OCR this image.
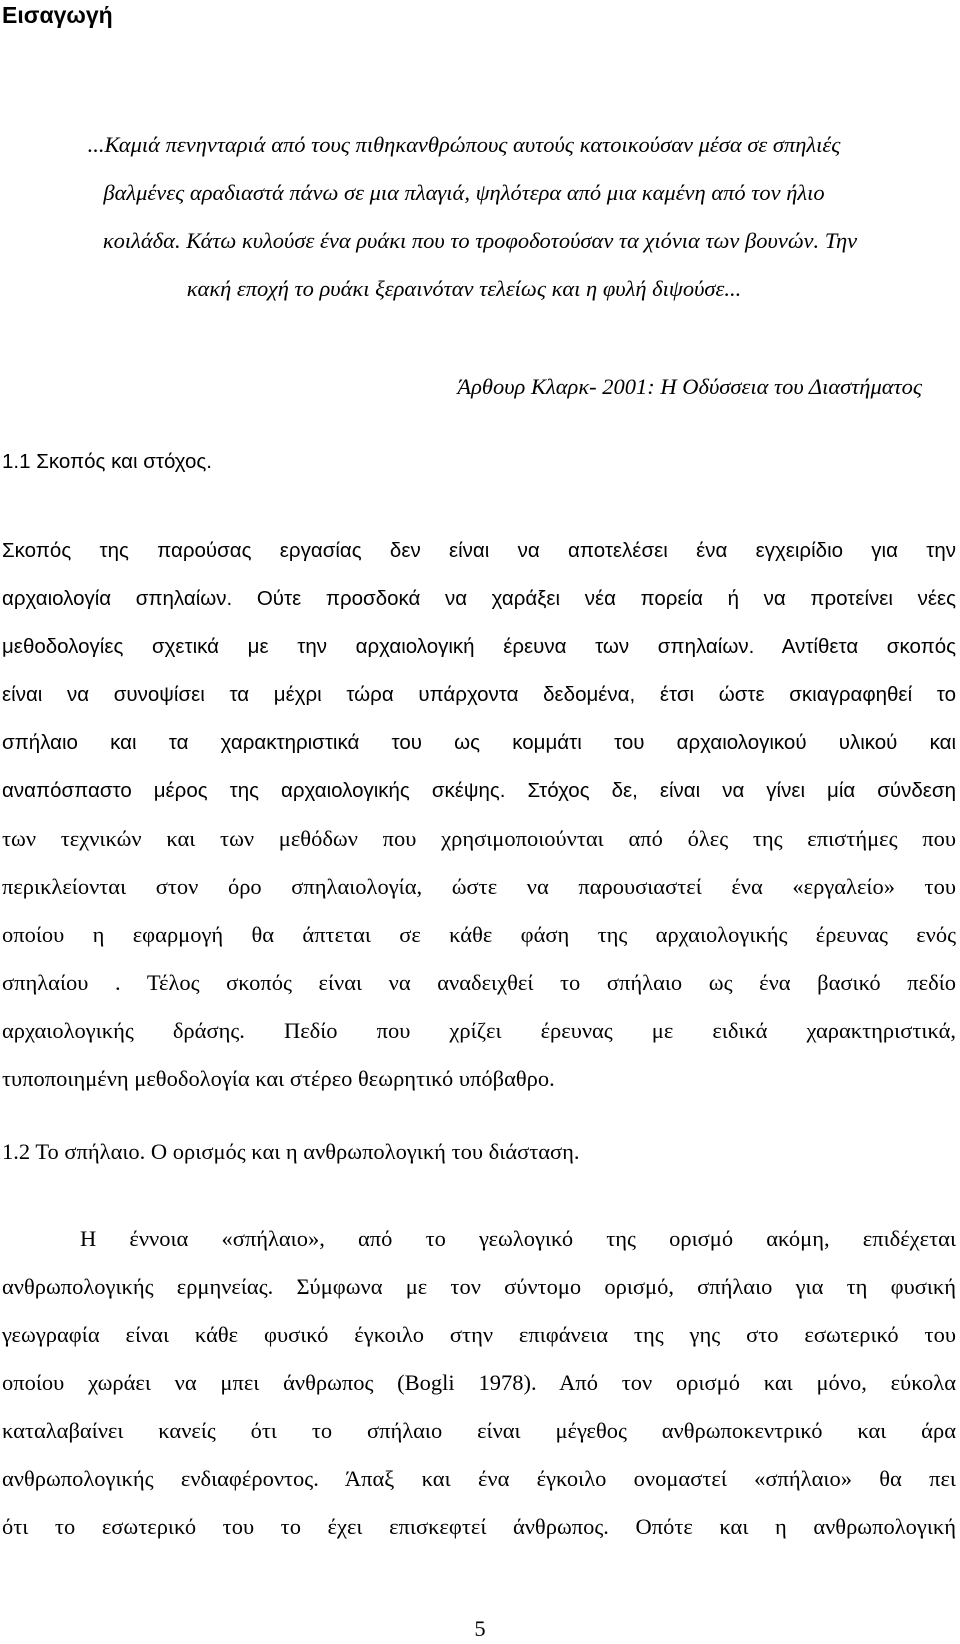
Εισαγωγή

...Καμιά πενηνταριά από τους πιθηκανθρώπους αυτούς κατοικούσαν μέσα σε σπηλιές

βαλμένες αραδιαστά πάνω σε μια πλαγιά, ψηλότερα από μια καμένη από τον ήλιο

κοιλάδα. Κάτω κυλούσε ένα ρυάκι που το τροφοδοτούσαν τα χιόνια των βουνών. Την

κακή εποχή το ρυάκι ξεραινόταν τελείως και η φυλή διψούσε...

Άρθουρ Κλαρκ- 2001: Η Οδύσσεια του Διαστήματος

1.1 Σκοπός και στόχος.

Σκοπός της παρούσας εργασίας δεν είναι να αποτελέσει ένα εγχειρίδιο για την

αρχαιολογία σπηλαίων. Ούτε προσδοκά να χαράξει νέα πορεία ή να προτείνει νέες

μεθοδολογίες σχετικά με την αρχαιολογική έρευνα των σπηλαίων. Αντίθετα σκοπός

είναι να συνοψίσει τα μέχρι τώρα υπάρχοντα δεδομένα, έτσι ώστε σκιαγραφηθεί το

σπήλαιο και τα χαρακτηριστικά του ως κομμάτι του αρχαιολογικού υλικού και

αναπόσπαστο μέρος της αρχαιολογικής σκέψης. Στόχος δε, είναι να γίνει μία σύνδεση

των τεχνικών και των μεθόδων που χρησιμοποιούνται από όλες της επιστήμες που

περικλείονται στον όρο σπηλαιολογία, ώστε να παρουσιαστεί ένα «εργαλείο» του

οποίου η εφαρμογή θα άπτεται σε κάθε φάση της αρχαιολογικής έρευνας ενός

σπηλαίου . Τέλος σκοπός είναι να αναδειχθεί το σπήλαιο ως ένα βασικό πεδίο

αρχαιολογικής δράσης. Πεδίο που χρίζει έρευνας με ειδικά χαρακτηριστικά,

τυποποιημένη μεθοδολογία και στέρεο θεωρητικό υπόβαθρο.

1.2 Το σπήλαιο. Ο ορισμός και η ανθρωπολογική του διάσταση.

Η έννοια «σπήλαιο», από το γεωλογικό της ορισμό ακόμη, επιδέχεται

ανθρωπολογικής ερμηνείας. Σύμφωνα με τον σύντομο ορισμό, σπήλαιο για τη φυσική

γεωγραφία είναι κάθε φυσικό έγκοιλο στην επιφάνεια της γης στο εσωτερικό του

οποίου χωράει να μπει άνθρωπος (Bogli 1978). Από τον ορισμό και μόνο, εύκολα

καταλαβαίνει κανείς ότι το σπήλαιο είναι μέγεθος ανθρωποκεντρικό και άρα

ανθρωπολογικής ενδιαφέροντος. Άπαξ και ένα έγκοιλο ονομαστεί «σπήλαιο» θα πει

ότι το εσωτερικό του το έχει επισκεφτεί άνθρωπος. Οπότε και η ανθρωπολογική

5
